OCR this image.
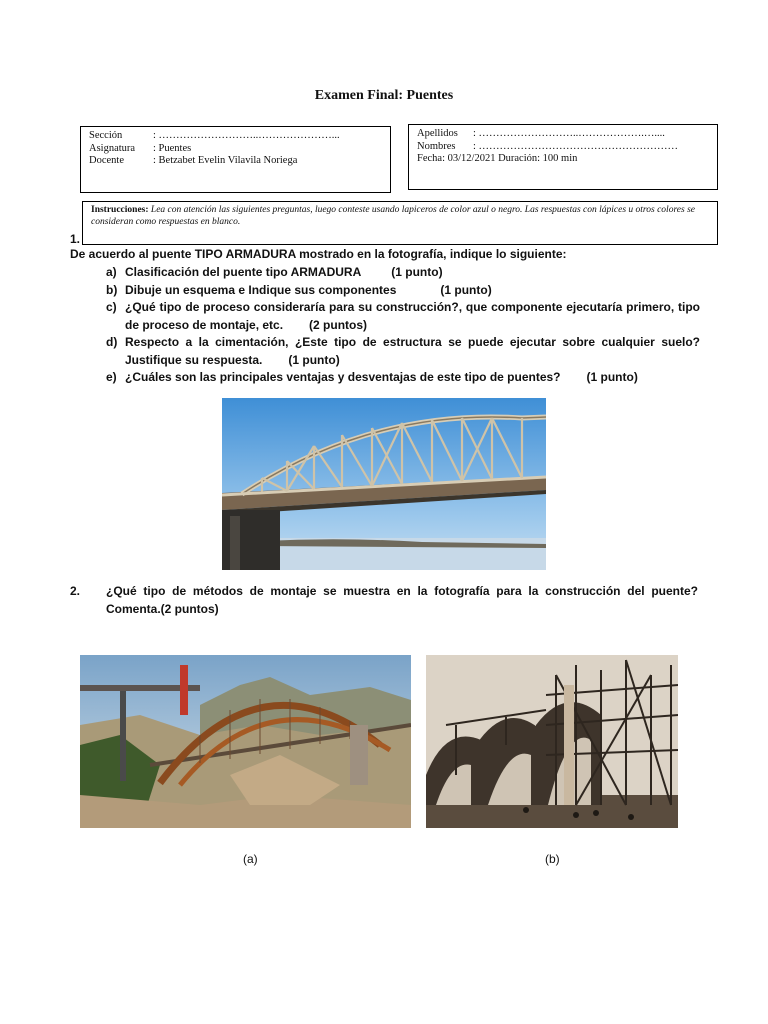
Examen Final: Puentes
Sección	: ………………………..…………………...
Asignatura	: Puentes
Docente	: Betzabet Evelin Vilavila Noriega
Apellidos	: ………………………..……………….…....
Nombres	: …………………………………………………
Fecha: 03/12/2021 Duración: 100 min
Instrucciones: Lea con atención las siguientes preguntas, luego conteste usando lapiceros de color azul o negro. Las respuestas con lápices u otros colores se consideran como respuestas en blanco.
1.
De acuerdo al puente TIPO ARMADURA mostrado en la fotografía, indique lo siguiente:
a) Clasificación del puente tipo ARMADURA	(1 punto)
b) Dibuje un esquema e Indique sus componentes	(1 punto)
c) ¿Qué tipo de proceso consideraría para su construcción?, que componente ejecutaría primero, tipo de proceso de montaje, etc. (2 puntos)
d) Respecto a la cimentación, ¿Este tipo de estructura se puede ejecutar sobre cualquier suelo? Justifique su respuesta. (1 punto)
e) ¿Cuáles son las principales ventajas y desventajas de este tipo de puentes? (1 punto)
2. ¿Qué tipo de métodos de montaje se muestra en la fotografía para la construcción del puente? Comenta.(2 puntos)
(a)	(b)
